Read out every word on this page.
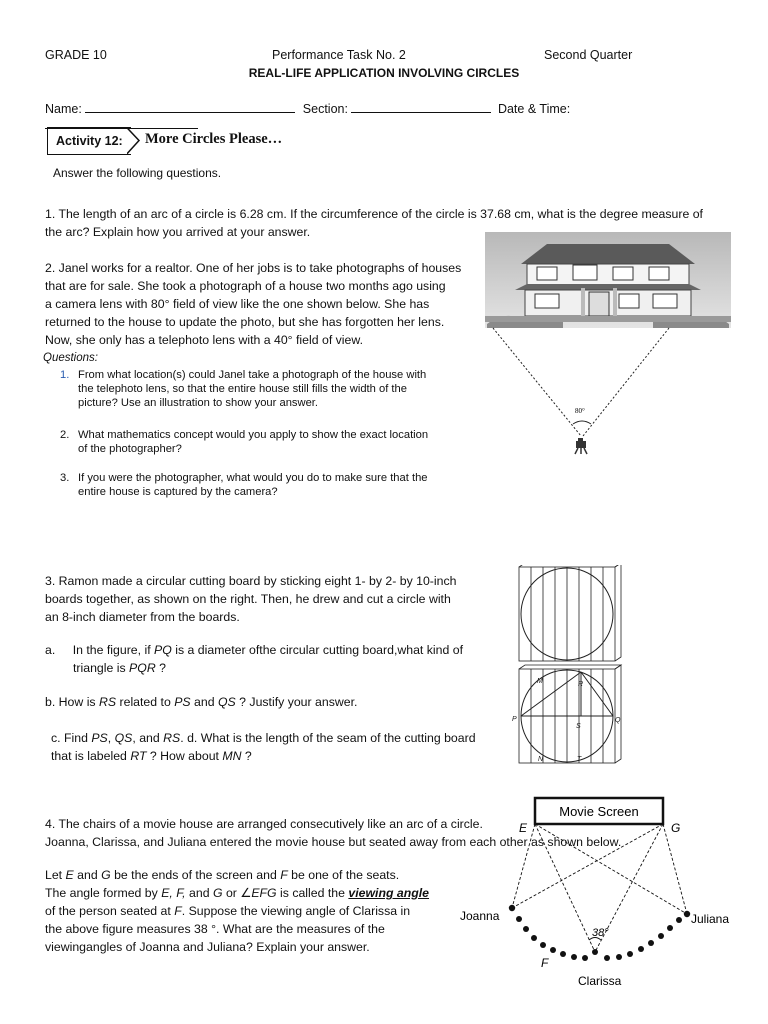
GRADE 10	Performance Task No. 2	Second Quarter
REAL-LIFE APPLICATION INVOLVING CIRCLES
Name:	Section:	Date & Time:
Activity 12:	More Circles Please…
Answer the following questions.
1. The length of an arc of a circle is 6.28 cm. If the circumference of the circle is 37.68 cm, what is the degree measure of
the arc? Explain how you arrived at your answer.
2. Janel works for a realtor. One of her jobs is to take photographs of houses
that are for sale. She took a photograph of a house two months ago using
a camera lens with 80° field of view like the one shown below. She has
returned to the house to update the photo, but she has forgotten her lens.
Now, she only has a telephoto lens with a 40° field of view.
Questions:
1. From what location(s) could Janel take a photograph of the house with
the telephoto lens, so that the entire house still fills the width of the
picture? Use an illustration to show your answer.
2. What mathematics concept would you apply to show the exact location
of the photographer?
3. If you were the photographer, what would you do to make sure that the
entire house is captured by the camera?
80°
3. Ramon made a circular cutting board by sticking eight 1- by 2- by 10-inch
boards together, as shown on the right. Then, he drew and cut a circle with
an 8-inch diameter from the boards.
a. In the figure, if PQ is a diameter ofthe circular cutting board,what kind of
triangle is PQR ?
b. How is RS related to PS and QS ? Justify your answer.
c. Find PS, QS, and RS. d. What is the length of the seam of the cutting board
that is labeled RT ? How about MN ?
M	R
P
S
Q
N	T
4. The chairs of a movie house are arranged consecutively like an arc of a circle.
Joanna, Clarissa, and Juliana entered the movie house but seated away from each other as shown below.
Let E and G be the ends of the screen and F be one of the seats.
The angle formed by E, F, and G or ∠EFG is called the viewing angle
of the person seated at F. Suppose the viewing angle of Clarissa in
the above figure measures 38 °. What are the measures of the
viewingangles of Joanna and Juliana? Explain your answer.
Movie Screen
E	G
38°
Joanna	Juliana
F
Clarissa
